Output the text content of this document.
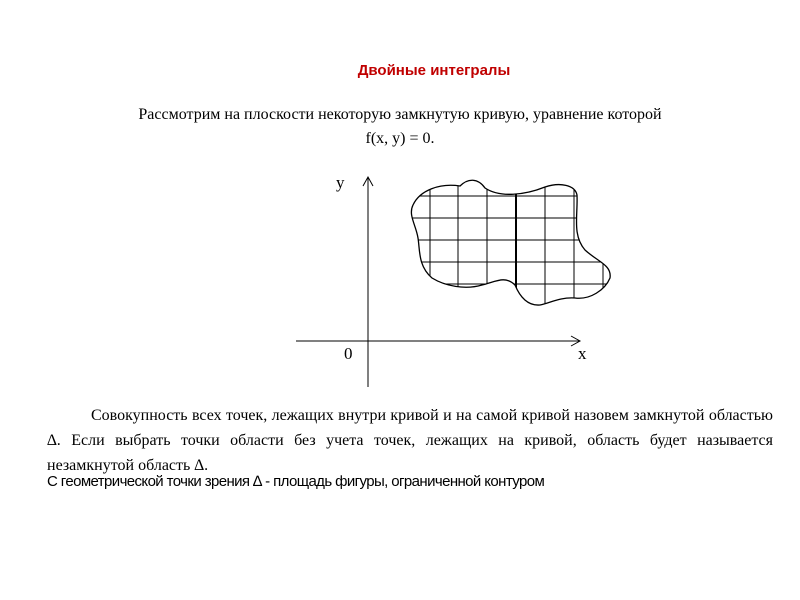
Двойные интегралы
Рассмотрим на плоскости некоторую замкнутую кривую, уравнение которой
f(x, y) = 0.
y
x
0

Совокупность всех точек, лежащих внутри кривой и на самой кривой назовем замкнутой областью ∆. Если выбрать точки области без учета точек, лежащих на кривой, область будет называется незамкнутой область ∆.

С геометрической точки зрения ∆ - площадь фигуры, ограниченной контуром
